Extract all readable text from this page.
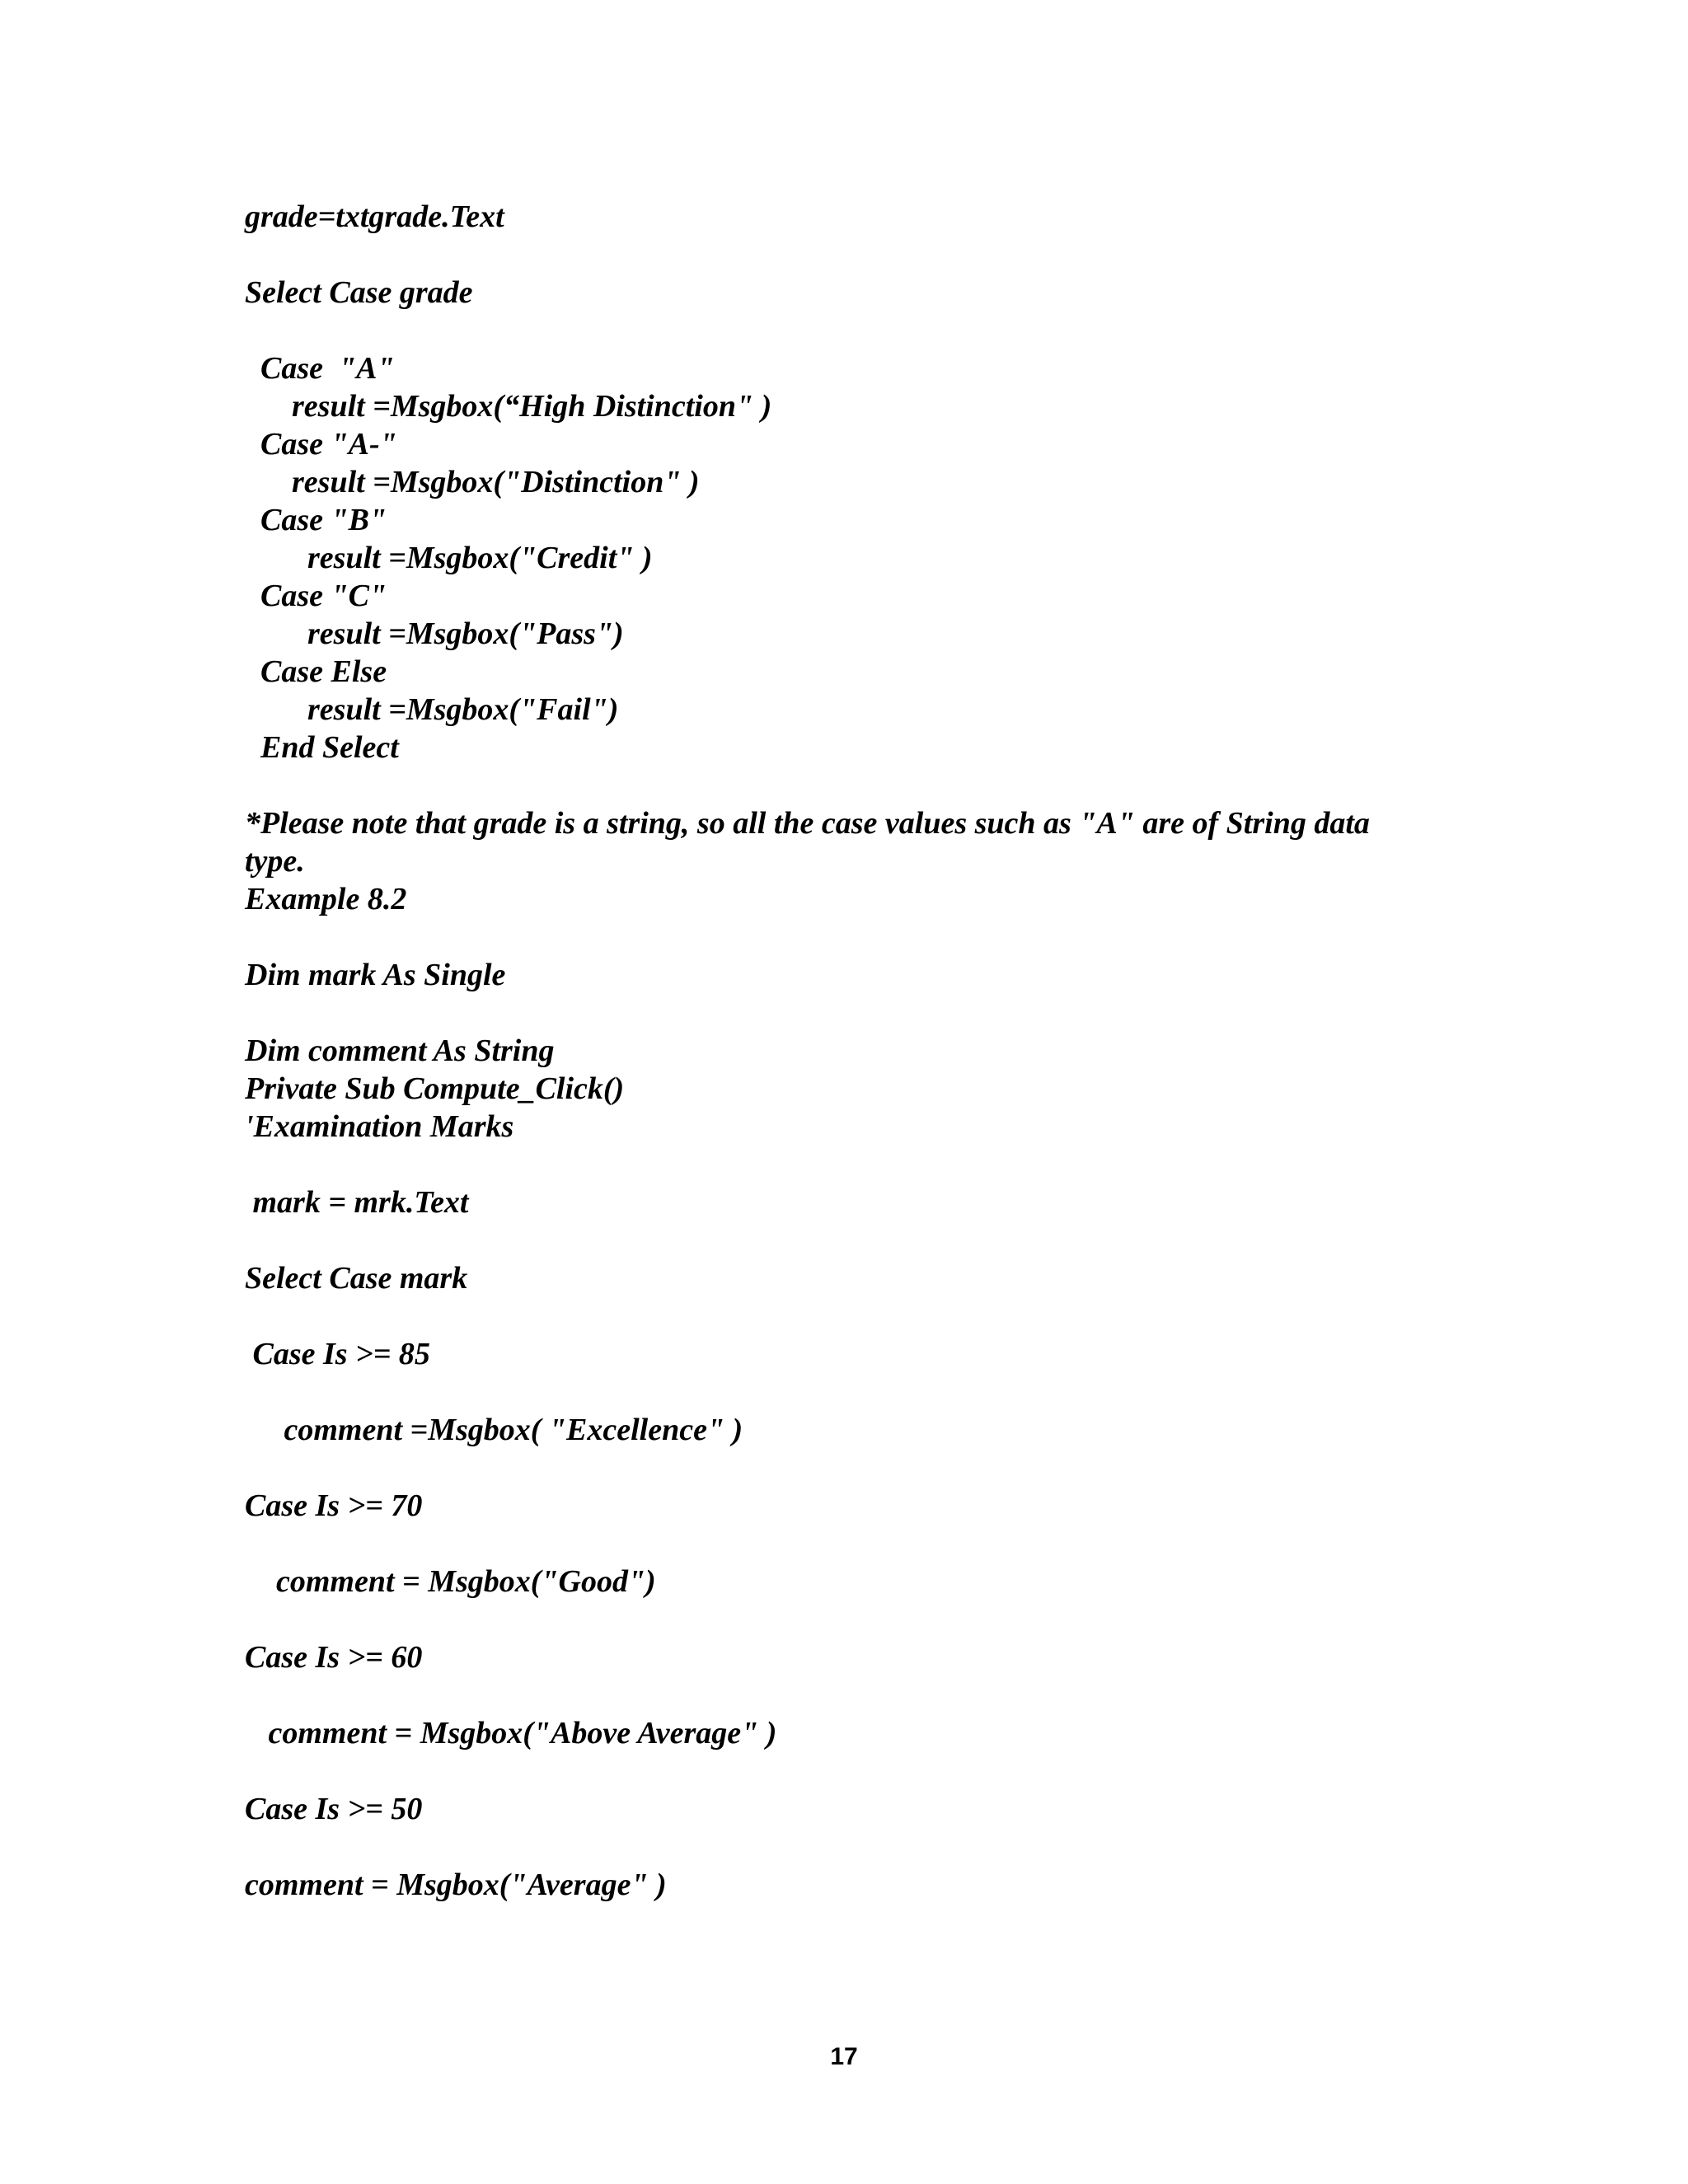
grade=txtgrade.Text
Select Case grade
Case  "A"
result =Msgbox(“High Distinction" )
Case "A-"
result =Msgbox("Distinction" )
Case "B"
result =Msgbox("Credit" )
Case "C"
result =Msgbox("Pass")
Case Else
result =Msgbox("Fail")
End Select
*Please note that grade is a string, so all the case values such as "A" are of String data
type.
Example 8.2
Dim mark As Single
Dim comment As String
Private Sub Compute_Click()
'Examination Marks
mark = mrk.Text
Select Case mark
Case Is >= 85
comment =Msgbox( "Excellence" )
Case Is >= 70
comment = Msgbox("Good")
Case Is >= 60
comment = Msgbox("Above Average" )
Case Is >= 50
comment = Msgbox("Average" )
17
